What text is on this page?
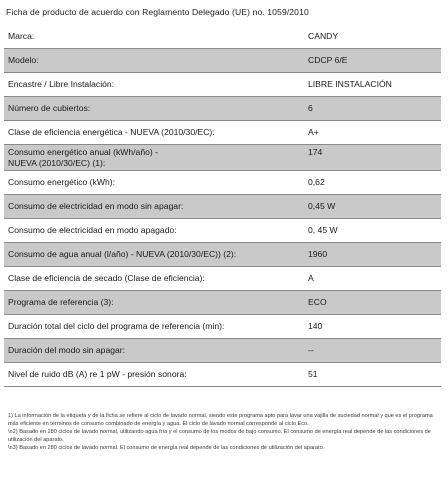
Ficha de producto de acuerdo con Reglamento Delegado (UE) no. 1059/2010
Marca:	CANDY
Modelo:	CDCP 6/E
Encastre / Libre Instalación:	LIBRE INSTALACIÓN
Número de cubiertos:	6
Clase de eficiencia energética - NUEVA (2010/30/EC):	A+
Consumo energético anual (kWh/año) - NUEVA (2010/30/EC) (1):
174
Consumo energético (kWh):	0,62
Consumo de electricidad en modo sin apagar:	0,45 W
Consumo de electricidad en modo apagado:	0, 45 W
Consumo de agua anual (l/año) - NUEVA (2010/30/EC)) (2):	1960
Clase de eficiencia de secado (Clase de eficiencia):	A
Programa de referencia (3):	ECO
Duración total del ciclo del programa de referencia (min):	140
Duración del modo sin apagar:	--
Nivel de ruido dB (A) re 1 pW - presión sonora:	51

1) La información de la etiqueta y de la ficha se refiere al ciclo de lavado normal, siendo este programa apto para lavar una vajilla de suciedad normal y que es el programa más eficiente en términos de consumo combinado de energía y agua. El ciclo de lavado normal corresponde al ciclo Eco.

\n2) Basado en 280 ciclos de lavado normal, utilizando agua fría y el consumo de los modos de bajo consumo. El consumo de energía real depende de las condiciones de utilización del aparato.

\n3) Basado en 280 ciclos de lavado normal. El consumo de energía real depende de las condiciones de utilización del aparato.
